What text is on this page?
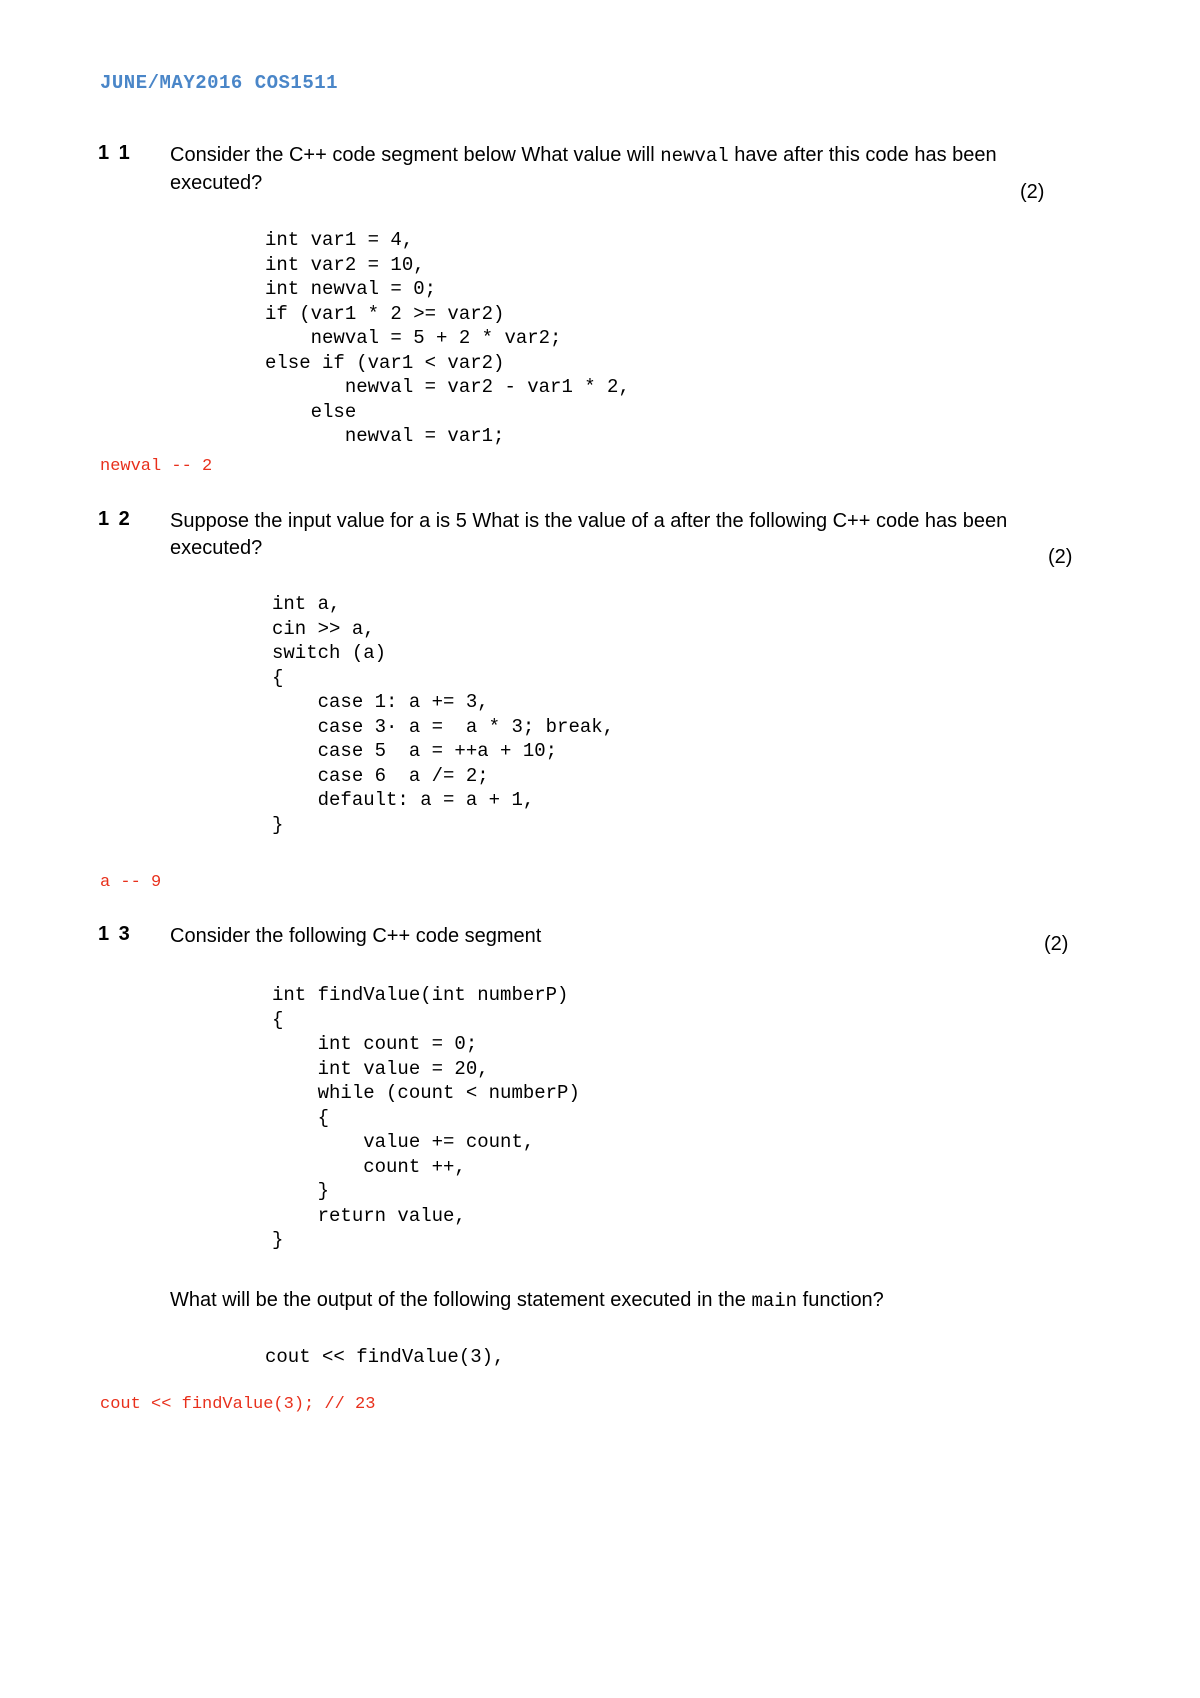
JUNE/MAY2016 COS1511
1 1 Consider the C++ code segment below What value will newval have after this code has been executed?	(2)
int var1 = 4,
int var2 = 10,
int newval = 0;
if (var1 * 2 >= var2)
newval = 5 + 2 * var2;
else if (var1 < var2)
newval = var2 - var1 * 2,
else
newval = var1;
newval -- 2
1 2 Suppose the input value for a is 5 What is the value of a after the following C++ code has been executed?	(2)
int a,
cin >> a,
switch (a)
{
case 1: a += 3,
case 3· a =  a * 3; break,
case 5  a = ++a + 10;
case 6  a /= 2;
default: a = a + 1,
}
a -- 9
1 3 Consider the following C++ code segment	(2)
int findValue(int numberP)
{
int count = 0;
int value = 20,
while (count < numberP)
{
value += count,
count ++,
}
return value,
}
What will be the output of the following statement executed in the main function?
cout << findValue(3),
cout << findValue(3); // 23
